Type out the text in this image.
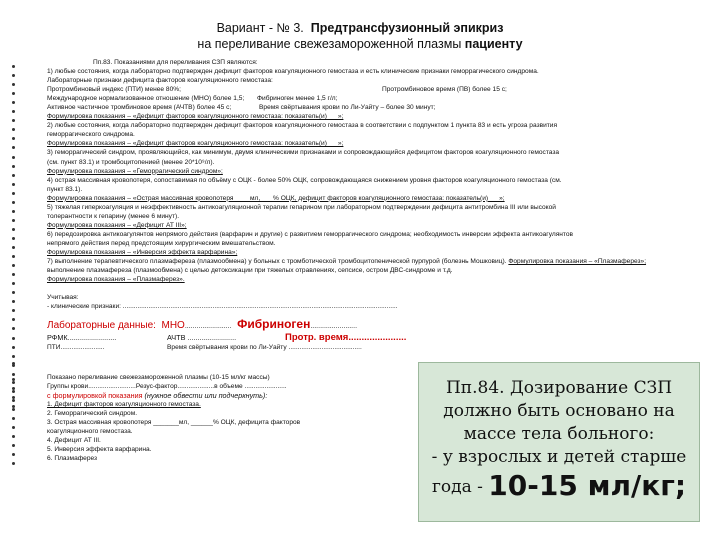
Вариант - № 3. Предтрансфузионный эпикриз
на переливание свежезамороженной плазмы пациенту
Пп.83. Показаниями для переливания СЗП являются:
1) любые состояния, когда лабораторно подтвержден дефицит факторов коагуляционного гемостаза и есть клинические признаки геморрагического синдрома.
Лабораторные признаки дефицита факторов коагуляционного гемостаза:
Протромбиновый индекс (ПТИ) менее 80%;	Протромбиновое время (ПВ) более 15 с;
Международное нормализованное отношение (МНО) более 1,5; Фибриноген менее 1,5 г/л;
Активное частичное тромбиновое время (АЧТВ) более 45 с;	Время свёртывания крови по Ли-Уайту – более 30 минут;
Формулировка показания – «Дефицит факторов коагуляционного гемостаза: показатель(и)___»;
2) любые состояния, когда лабораторно подтвержден дефицит факторов коагуляционного гемостаза в соответствии с подпунктом 1 пункта 83 и есть угроза развития
геморрагического синдрома.
Формулировка показания – «Дефицит факторов коагуляционного гемостаза: показатель(и)___»;
3) геморрагический синдром, проявляющийся, как минимум, двумя клиническими признаками и сопровождающийся дефицитом факторов коагуляционного гемостаза
(см. пункт 83.1) и тромбоцитопенией (менее 20*10⁹/л).
Формулировка показания – «Геморрагический синдром»;
4) острая массивная кровопотеря, сопоставимая по объёму с ОЦК - более 50% ОЦК, сопровождающаяся снижением уровня факторов коагуляционного гемостаза (см.
пункт 83.1).
Формулировка показания – «Острая массивная кровопотеря ____мл, ___% ОЦК, дефицит факторов коагуляционного гемостаза: показатель(и)___»;
5) тяжелая гиперкоагуляция и неэффективность антикоагуляционной терапии гепарином при лабораторном подтверждении дефицита антитромбина III или высокой
толерантности к гепарину (менее 6 минут).
Формулировка показания – «Дефицит AT III»;
6) передозировка антикоагулянтов непрямого действия (варфарин и другие) с развитием геморрагического синдрома; необходимость инверсии эффекта антикоагулянтов
непрямого действия перед предстоящим хирургическим вмешательством.
Формулировка показания – «Инверсия эффекта варфарина»;
7) выполнение терапевтического плазмафереза (плазмообмена) у больных с тромботической тромбоцитопенической пурпурой (болезнь Мошковиц). Формулировка показания – «Плазмаферез»;
выполнение плазмафереза (плазмообмена) с целью детоксикации при тяжелых отравлениях, сепсисе, остром ДВС-синдроме и т.д.
Формулировка показания – «Плазмаферез».
Учитывая:
- клинические признаки: ......................................................................................................................................................
Лабораторные данные: МНО........................ Фибриноген........................
РФМК........................	АЧТВ ........................	Протр. время......................
ПТИ........................	Время свёртывания крови по Ли-Уайту ........................................
Показано переливание свежезамороженной плазмы (10-15 мл/кг массы)
Группы крови..........................Резус-фактор....................в объеме .......................
с формулировкой показания (нужное обвести или подчеркнуть):
1. Дефицит факторов коагуляционного гемостаза.
2. Геморрагический синдром.
3. Острая массивная кровопотеря _______мл, ______% ОЦК, дефицита факторов
коагуляционного гемостаза.
4. Дефицит AT III.
5. Инверсия эффекта варфарина.
6. Плазмаферез
Пп.84. Дозирование СЗП
должно быть основано на
массе тела больного:
- у взрослых и детей старше
года - 10-15 мл/кг;
